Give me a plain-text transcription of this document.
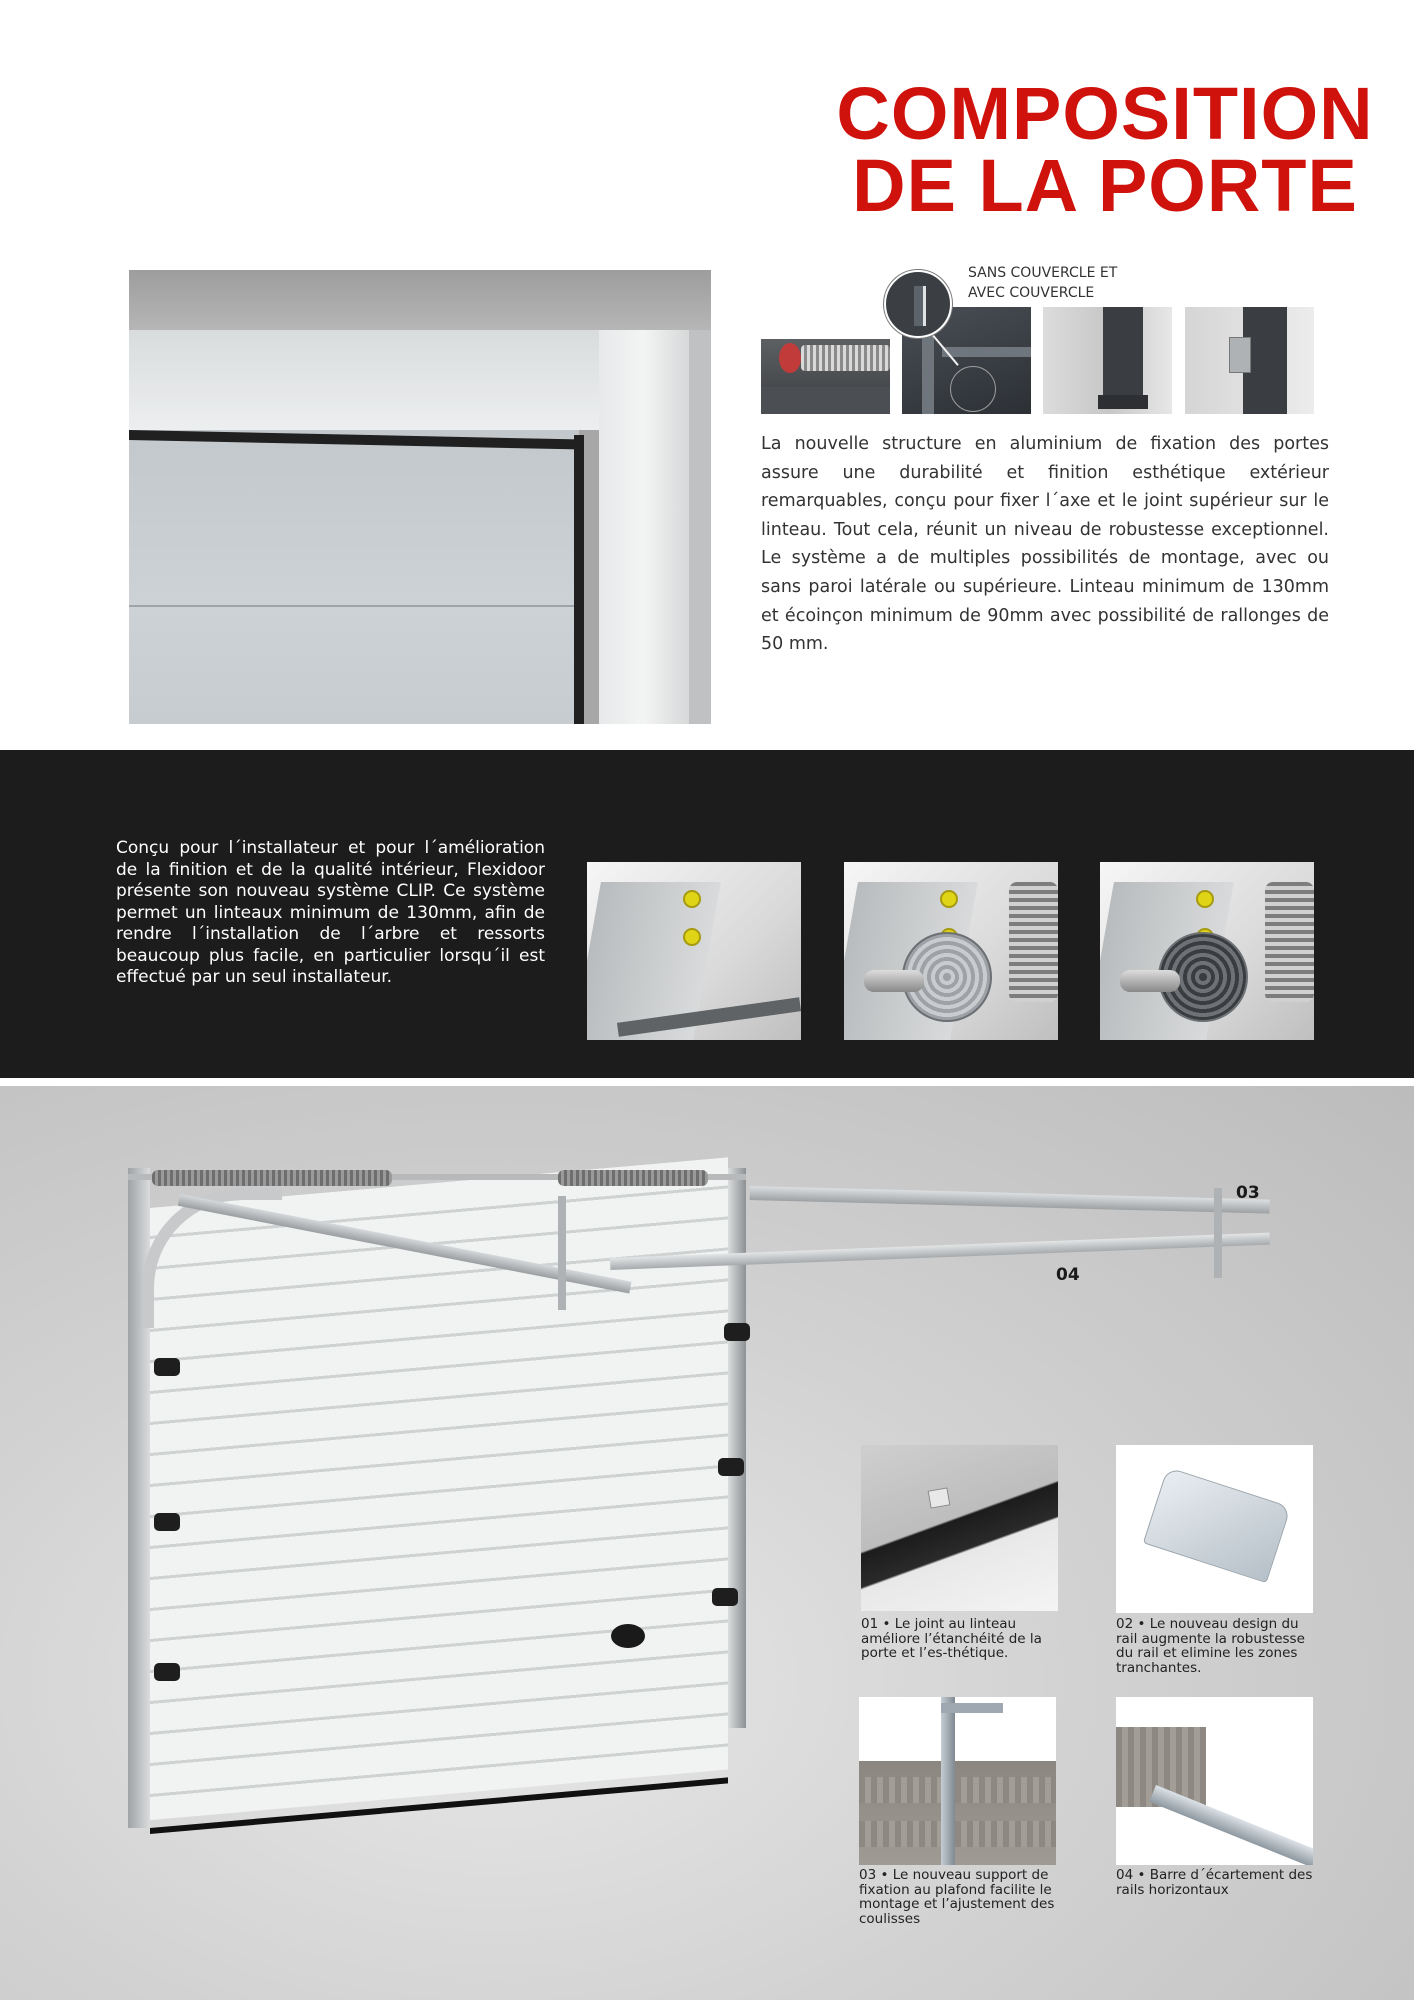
COMPOSITION
DE LA PORTE
SANS COUVERCLE ET
AVEC COUVERCLE

La nouvelle structure en aluminium de fixation des portes assure une durabilité et finition esthétique extérieur remarquables, conçu pour fixer l´axe et le joint supérieur sur le linteau. Tout cela, réunit un niveau de robustesse exceptionnel. Le système a de multiples possibilités de montage, avec ou sans paroi latérale ou supérieure. Linteau minimum de 130mm et écoinçon minimum de 90mm avec possibilité de rallonges de 50 mm.

Conçu pour l´installateur et pour l´amélioration de la finition et de la qualité intérieur, Flexidoor présente son nouveau système CLIP. Ce système permet un linteaux minimum de 130mm, afin de rendre l´installation de l´arbre et ressorts beaucoup plus facile, en particulier lorsqu´il est effectué par un seul installateur.

03
04

01 • Le joint au linteau améliore l’étanchéité de la porte et l’es-thétique.

02 • Le nouveau design du rail augmente la robustesse du rail et elimine les zones tranchantes.

03 • Le nouveau support de fixation au plafond facilite le montage et l’ajustement des coulisses

04 • Barre d´écartement des rails horizontaux
